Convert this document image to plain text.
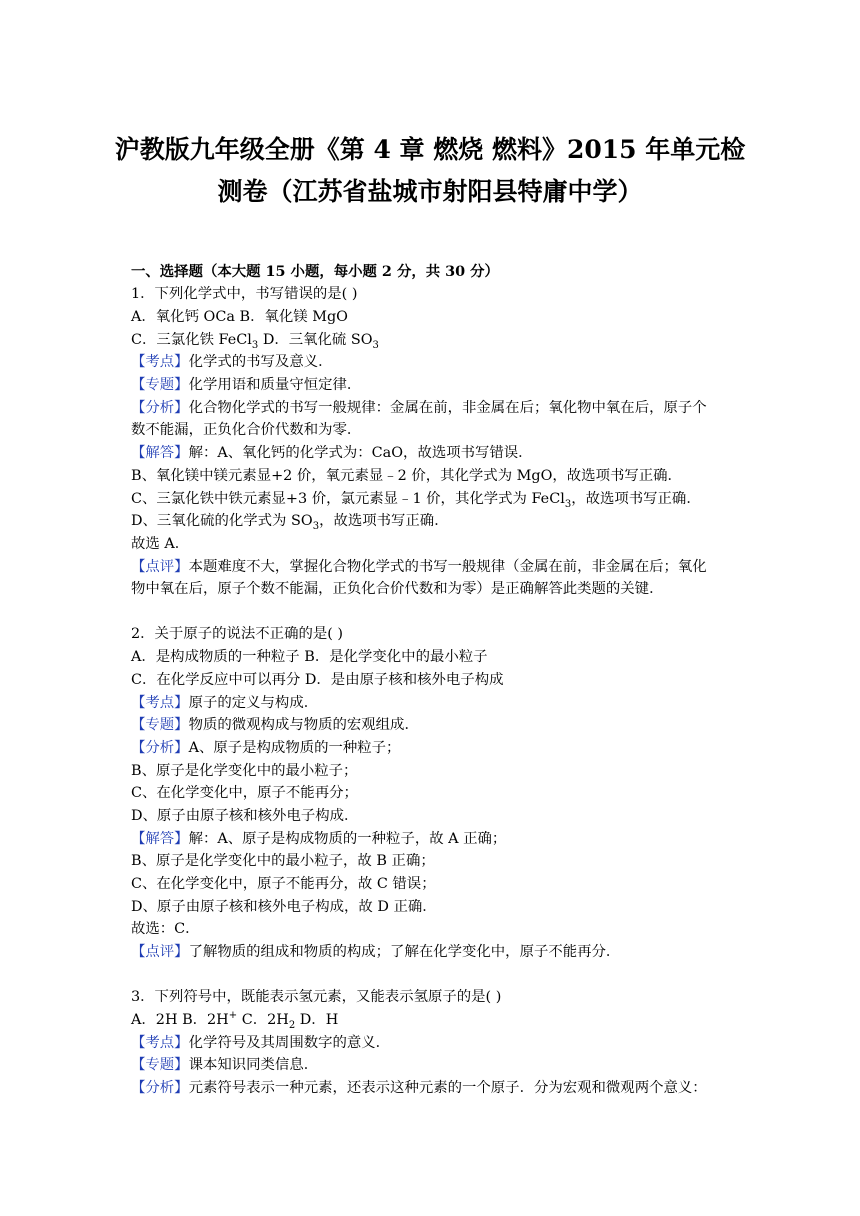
沪教版九年级全册《第 4 章 燃烧 燃料》2015 年单元检
测卷（江苏省盐城市射阳县特庸中学）
一、选择题（本大题 15 小题，每小题 2 分，共 30 分）
1．下列化学式中，书写错误的是( )
A．氧化钙 OCa B．氧化镁 MgO
C．三氯化铁 FeCl$_3$ D．三氧化硫 $SO_3$
【考点】化学式的书写及意义．
【专题】化学用语和质量守恒定律．
【分析】化合物化学式的书写一般规律：金属在前，非金属在后；氧化物中氧在后，原子个
数不能漏，正负化合价代数和为零．
【解答】解：A、氧化钙的化学式为：CaO，故选项书写错误．
B、氧化镁中镁元素显+2 价，氧元素显﹣2 价，其化学式为 MgO，故选项书写正确．
C、三氯化铁中铁元素显+3 价，氯元素显﹣1 价，其化学式为 FeCl$_3$，故选项书写正确．
D、三氧化硫的化学式为 $SO_3$，故选项书写正确．
故选 A．
【点评】本题难度不大，掌握化合物化学式的书写一般规律（金属在前，非金属在后；氧化
物中氧在后，原子个数不能漏，正负化合价代数和为零）是正确解答此类题的关键．
2．关于原子的说法不正确的是( )
A．是构成物质的一种粒子 B．是化学变化中的最小粒子
C．在化学反应中可以再分 D．是由原子核和核外电子构成
【考点】原子的定义与构成．
【专题】物质的微观构成与物质的宏观组成．
【分析】A、原子是构成物质的一种粒子；
B、原子是化学变化中的最小粒子；
C、在化学变化中，原子不能再分；
D、原子由原子核和核外电子构成．
【解答】解：A、原子是构成物质的一种粒子，故 A 正确；
B、原子是化学变化中的最小粒子，故 B 正确；
C、在化学变化中，原子不能再分，故 C 错误；
D、原子由原子核和核外电子构成，故 D 正确．
故选：C．
【点评】了解物质的组成和物质的构成；了解在化学变化中，原子不能再分．
3．下列符号中，既能表示氢元素，又能表示氢原子的是( )
A．2H B．2H+ C．$2H_2$ D．H
【考点】化学符号及其周围数字的意义．
【专题】课本知识同类信息．
【分析】元素符号表示一种元素，还表示这种元素的一个原子．分为宏观和微观两个意义：
